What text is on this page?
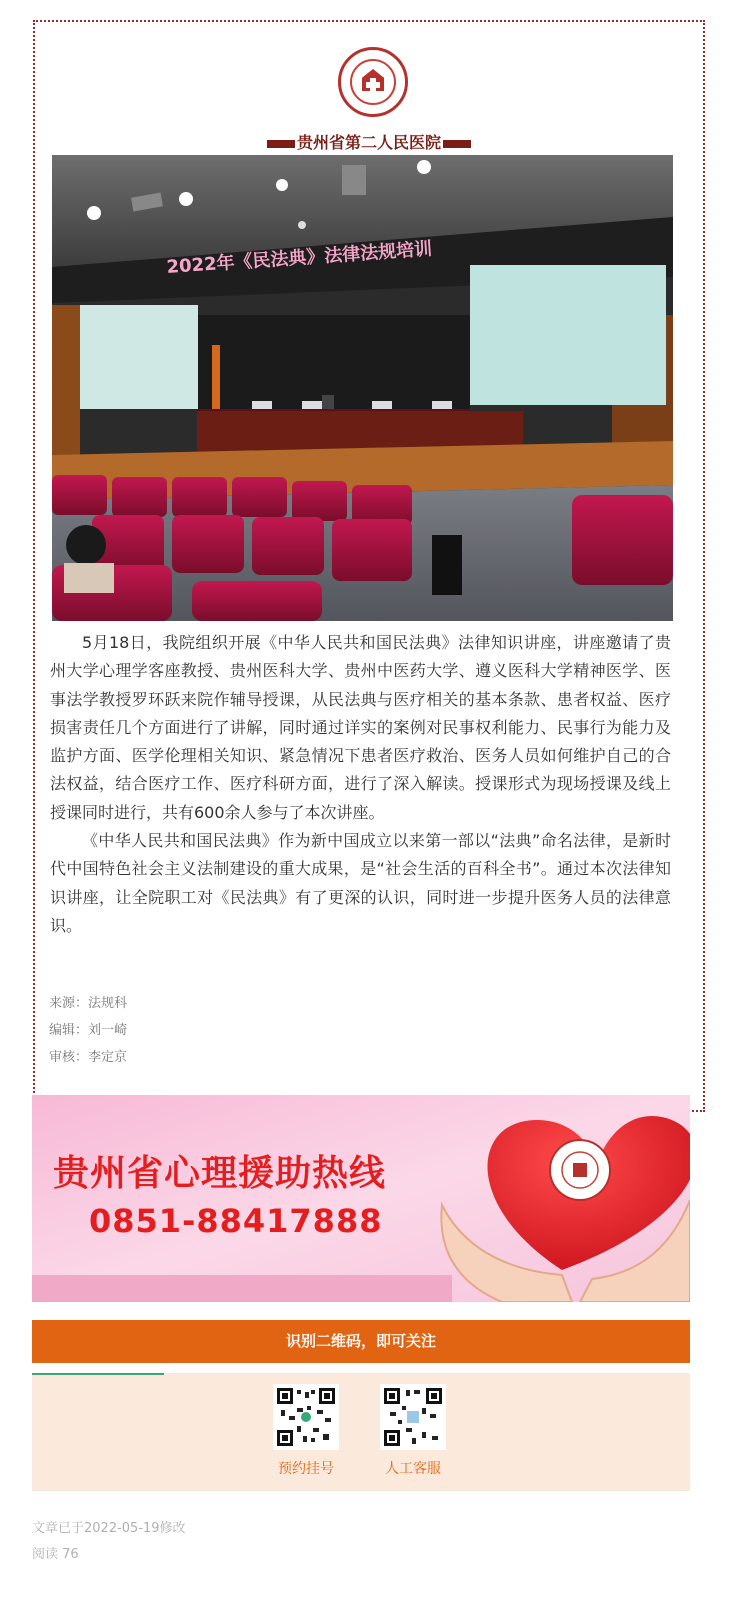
贵州省第二人民医院
2022年《民法典》法律法规培训

5月18日，我院组织开展《中华人民共和国民法典》法律知识讲座，讲座邀请了贵州大学心理学客座教授、贵州医科大学、贵州中医药大学、遵义医科大学精神医学、医事法学教授罗环跃来院作辅导授课，从民法典与医疗相关的基本条款、患者权益、医疗损害责任几个方面进行了讲解，同时通过详实的案例对民事权利能力、民事行为能力及监护方面、医学伦理相关知识、紧急情况下患者医疗救治、医务人员如何维护自己的合法权益，结合医疗工作、医疗科研方面，进行了深入解读。授课形式为现场授课及线上授课同时进行，共有600余人参与了本次讲座。

《中华人民共和国民法典》作为新中国成立以来第一部以“法典”命名法律，是新时代中国特色社会主义法制建设的重大成果，是“社会生活的百科全书”。通过本次法律知识讲座，让全院职工对《民法典》有了更深的认识，同时进一步提升医务人员的法律意识。

来源：法规科
编辑：刘一崎
审核：李定京
贵州省心理援助热线
0851-88417888
识别二维码，即可关注
预约挂号	人工客服
文章已于2022-05-19修改
阅读 76
